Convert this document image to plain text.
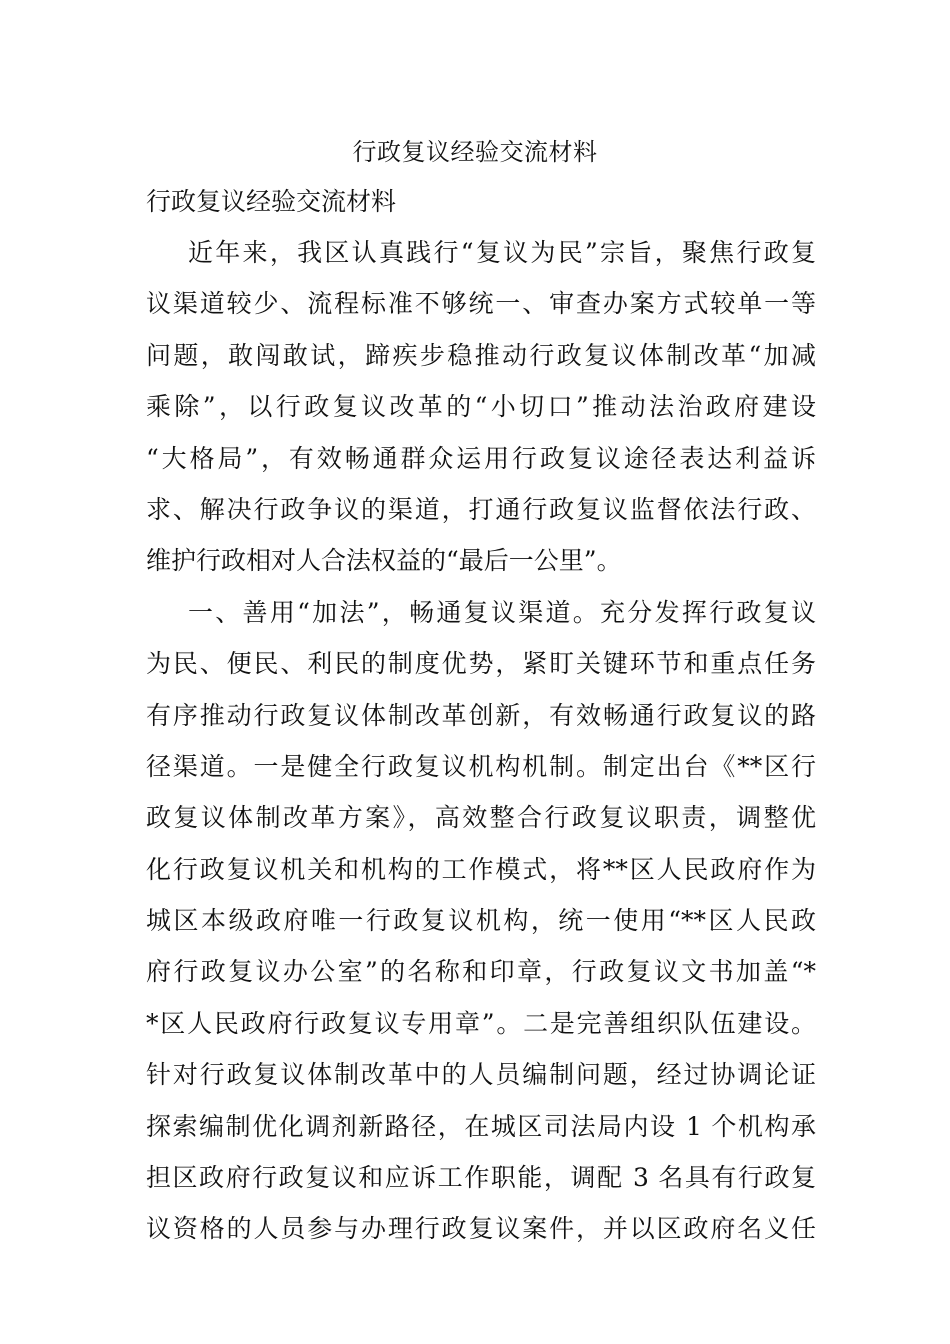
行政复议经验交流材料
行政复议经验交流材料
近年来，我区认真践行“复议为民”宗旨，聚焦行政复
议渠道较少、流程标准不够统一、审查办案方式较单一等
问题，敢闯敢试，蹄疾步稳推动行政复议体制改革“加减
乘除”，以行政复议改革的“小切口”推动法治政府建设
“大格局”，有效畅通群众运用行政复议途径表达利益诉
求、解决行政争议的渠道，打通行政复议监督依法行政、
维护行政相对人合法权益的“最后一公里”。
一、善用“加法”，畅通复议渠道。充分发挥行政复议
为民、便民、利民的制度优势，紧盯关键环节和重点任务
有序推动行政复议体制改革创新，有效畅通行政复议的路
径渠道。一是健全行政复议机构机制。制定出台《**区行
政复议体制改革方案》，高效整合行政复议职责，调整优
化行政复议机关和机构的工作模式，将**区人民政府作为
城区本级政府唯一行政复议机构，统一使用“**区人民政
府行政复议办公室”的名称和印章，行政复议文书加盖“*
*区人民政府行政复议专用章”。二是完善组织队伍建设。
针对行政复议体制改革中的人员编制问题，经过协调论证
探索编制优化调剂新路径，在城区司法局内设 1 个机构承
担区政府行政复议和应诉工作职能，调配 3 名具有行政复
议资格的人员参与办理行政复议案件，并以区政府名义任
